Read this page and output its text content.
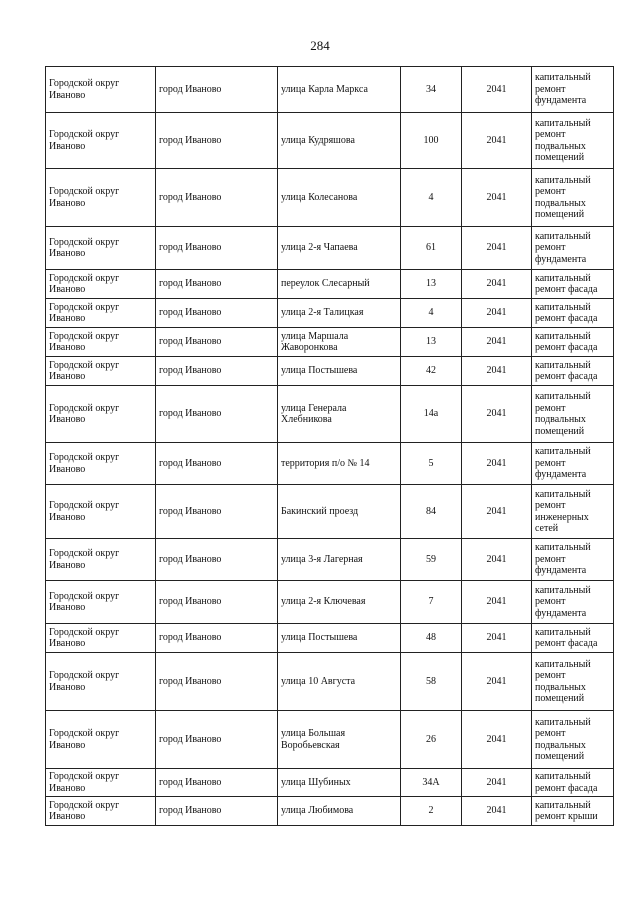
284
Городской округ Иваново	город Иваново	улица Карла Маркса	34	2041	капитальный ремонт фундамента
Городской округ Иваново	город Иваново	улица Кудряшова	100	2041	капитальный ремонт подвальных помещений
Городской округ Иваново	город Иваново	улица Колесанова	4	2041	капитальный ремонт подвальных помещений
Городской округ Иваново	город Иваново	улица 2-я Чапаева	61	2041	капитальный ремонт фундамента
Городской округ Иваново	город Иваново	переулок Слесарный	13	2041	капитальный ремонт фасада
Городской округ Иваново	город Иваново	улица 2-я Талицкая	4	2041	капитальный ремонт фасада
Городской округ Иваново	город Иваново	улица Маршала Жаворонкова	13	2041	капитальный ремонт фасада
Городской округ Иваново	город Иваново	улица Постышева	42	2041	капитальный ремонт фасада
Городской округ Иваново	город Иваново	улица Генерала Хлебникова	14а	2041	капитальный ремонт подвальных помещений
Городской округ Иваново	город Иваново	территория п/о № 14	5	2041	капитальный ремонт фундамента
Городской округ Иваново	город Иваново	Бакинский проезд	84	2041	капитальный ремонт инженерных сетей
Городской округ Иваново	город Иваново	улица 3-я Лагерная	59	2041	капитальный ремонт фундамента
Городской округ Иваново	город Иваново	улица 2-я Ключевая	7	2041	капитальный ремонт фундамента
Городской округ Иваново	город Иваново	улица Постышева	48	2041	капитальный ремонт фасада
Городской округ Иваново	город Иваново	улица 10 Августа	58	2041	капитальный ремонт подвальных помещений
Городской округ Иваново	город Иваново	улица Большая Воробьевская	26	2041	капитальный ремонт подвальных помещений
Городской округ Иваново	город Иваново	улица Шубиных	34А	2041	капитальный ремонт фасада
Городской округ Иваново	город Иваново	улица Любимова	2	2041	капитальный ремонт крыши
